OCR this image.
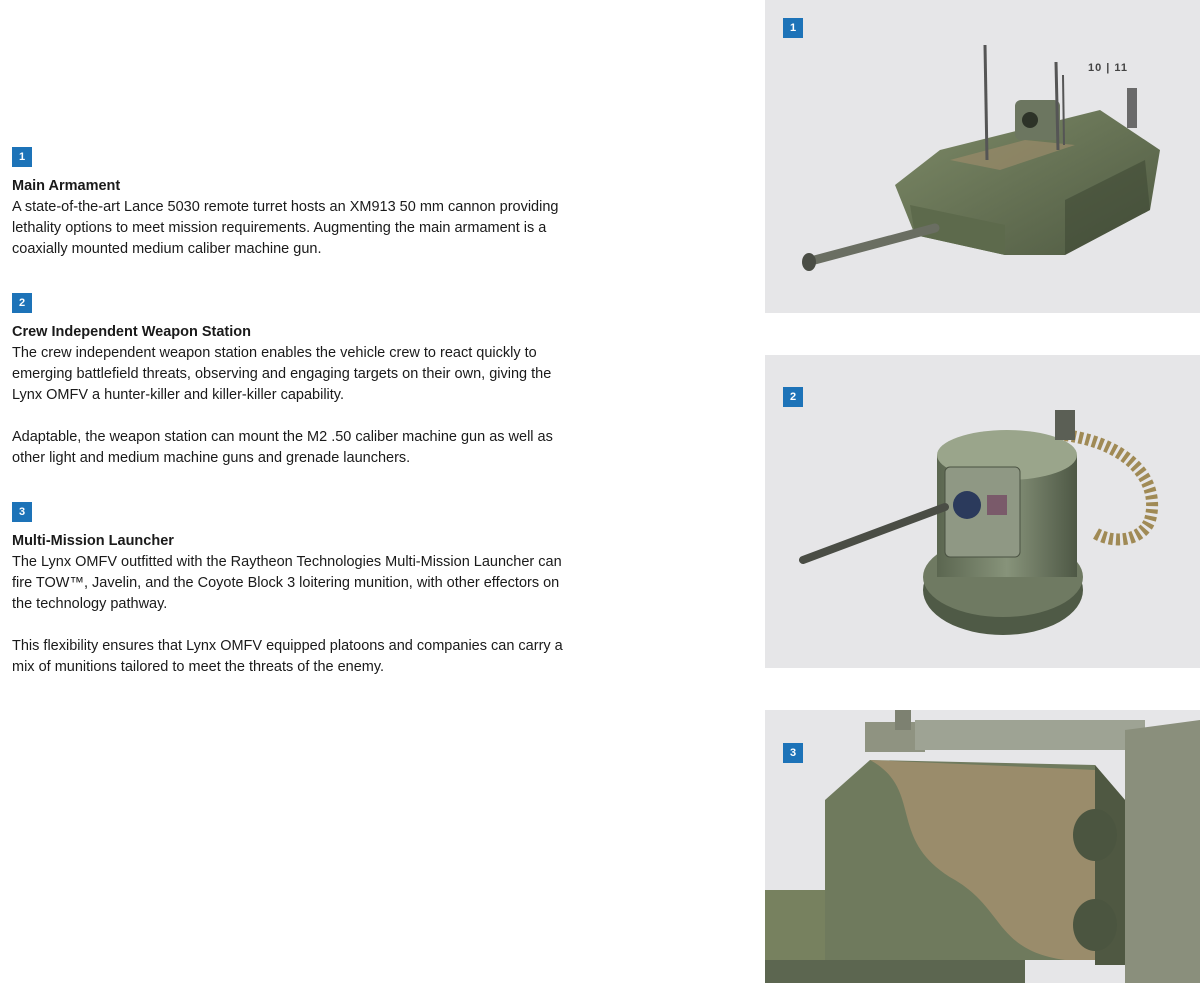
1
Main Armament

A state-of-the-art Lance 5030 remote turret hosts an XM913 50 mm cannon providing lethality options to meet mission requirements. Augmenting the main armament is a coaxially mounted medium caliber machine gun.

2
Crew Independent Weapon Station

The crew independent weapon station enables the vehicle crew to react quickly to emerging battlefield threats, observing and engaging targets on their own, giving the Lynx OMFV a hunter-killer and killer-killer capability.

Adaptable, the weapon station can mount the M2 .50 caliber machine gun as well as other light and medium machine guns and grenade launchers.

3
Multi-Mission Launcher

The Lynx OMFV outfitted with the Raytheon Technologies Multi-Mission Launcher can fire TOW™, Javelin, and the Coyote Block 3 loitering munition, with other effectors on the technology pathway.

This flexibility ensures that Lynx OMFV equipped platoons and companies can carry a mix of munitions tailored to meet the threats of the enemy.

1
10 | 11
2
3
